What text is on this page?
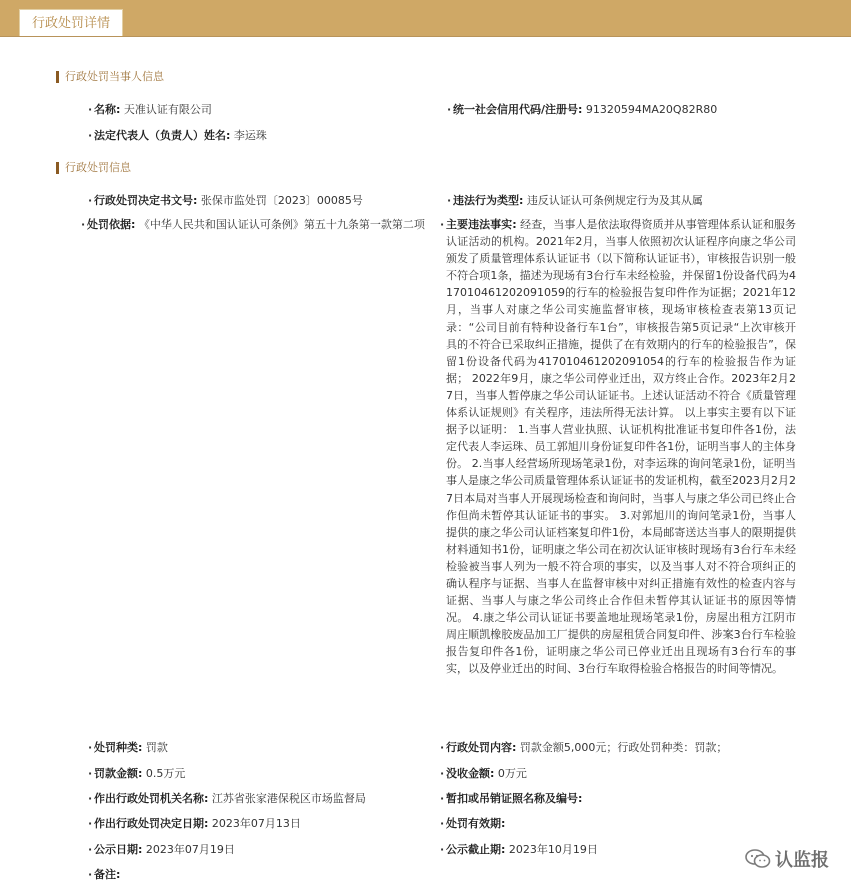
行政处罚详情
行政处罚当事人信息
· 名称: 天准认证有限公司	· 统一社会信用代码/注册号: 91320594MA20Q82R80
· 法定代表人（负责人）姓名: 李运珠
行政处罚信息
· 行政处罚决定书文号: 张保市监处罚〔2023〕00085号	· 违法行为类型: 违反认证认可条例规定行为及其从属
· 处罚依据: 《中华人民共和国认证认可条例》第五十九条第一款第二项	· 主要违法事实: 经查，当事人是依法取得资质并从事管理体系认证和服务认证活动的机构。2021年2月，当事人依照初次认证程序向康之华公司颁发了质量管理体系认证证书（以下简称认证证书），审核报告识别一般不符合项1条，描述为现场有3台行车未经检验，并保留1份设备代码为417010461202091059的行车的检验报告复印件作为证据；2021年12月，当事人对康之华公司实施监督审核，现场审核检查表第13页记录：“公司目前有特种设备行车1台”，审核报告第5页记录“上次审核开具的不符合已采取纠正措施，提供了在有效期内的行车的检验报告”，保留1份设备代码为417010461202091054的行车的检验报告作为证据； 2022年9月，康之华公司停业迁出，双方终止合作。2023年2月27日，当事人暂停康之华公司认证证书。上述认证活动不符合《质量管理体系认证规则》有关程序，违法所得无法计算。 以上事实主要有以下证据予以证明： 1.当事人营业执照、认证机构批准证书复印件各1份，法定代表人李运珠、员工郭旭川身份证复印件各1份，证明当事人的主体身份。 2.当事人经营场所现场笔录1份，对李运珠的询问笔录1份，证明当事人是康之华公司质量管理体系认证证书的发证机构，截至2023月2月27日本局对当事人开展现场检查和询问时，当事人与康之华公司已终止合作但尚未暂停其认证证书的事实。 3.对郭旭川的询问笔录1份，当事人提供的康之华公司认证档案复印件1份，本局邮寄送达当事人的限期提供材料通知书1份，证明康之华公司在初次认证审核时现场有3台行车未经检验被当事人列为一般不符合项的事实，以及当事人对不符合项纠正的确认程序与证据、当事人在监督审核中对纠正措施有效性的检查内容与证据、当事人与康之华公司终止合作但未暂停其认证证书的原因等情况。 4.康之华公司认证证书要盖地址现场笔录1份，房屋出租方江阴市周庄顺凯橡胶废品加工厂提供的房屋租赁合同复印件、涉案3台行车检验报告复印件各1份，证明康之华公司已停业迁出且现场有3台行车的事实，以及停业迁出的时间、3台行车取得检验合格报告的时间等情况。
· 处罚种类: 罚款	· 行政处罚内容: 罚款金额5,000元；行政处罚种类：罚款；
· 罚款金额: 0.5万元	· 没收金额: 0万元
· 作出行政处罚机关名称: 江苏省张家港保税区市场监督局	· 暂扣或吊销证照名称及编号:
· 作出行政处罚决定日期: 2023年07月13日	· 处罚有效期:
· 公示日期: 2023年07月19日	· 公示截止期: 2023年10月19日
· 备注:
认监报
